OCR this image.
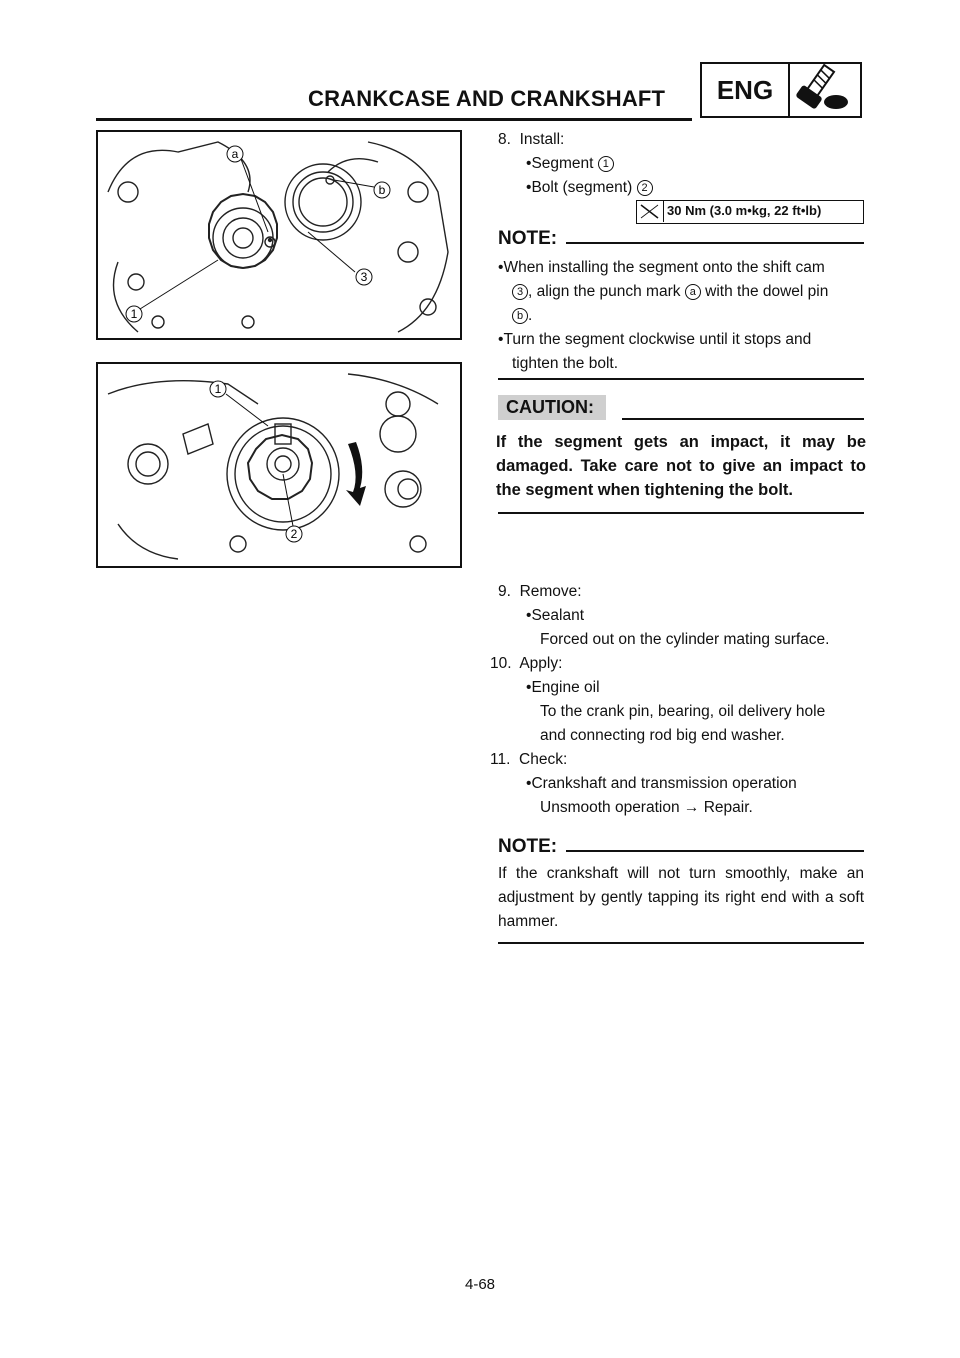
CRANKCASE AND CRANKSHAFT	ENG
a
b
3
1
1
2
8. Install:
•Segment 1
•Bolt (segment) 2
30 Nm (3.0 m•kg, 22 ft•lb)
NOTE:
•When installing the segment onto the shift cam
3 , align the punch mark a with the dowel pin
b .
•Turn the segment clockwise until it stops and
tighten the bolt.
CAUTION:
If the segment gets an impact, it may be damaged. Take care not to give an impact to the segment when tightening the bolt.
9. Remove:
•Sealant
Forced out on the cylinder mating surface.
10. Apply:
•Engine oil
To the crank pin, bearing, oil delivery hole
and connecting rod big end washer.
11. Check:
•Crankshaft and transmission operation
Unsmooth operation → Repair.
NOTE:
If the crankshaft will not turn smoothly, make an adjustment by gently tapping its right end with a soft hammer.
4-68
